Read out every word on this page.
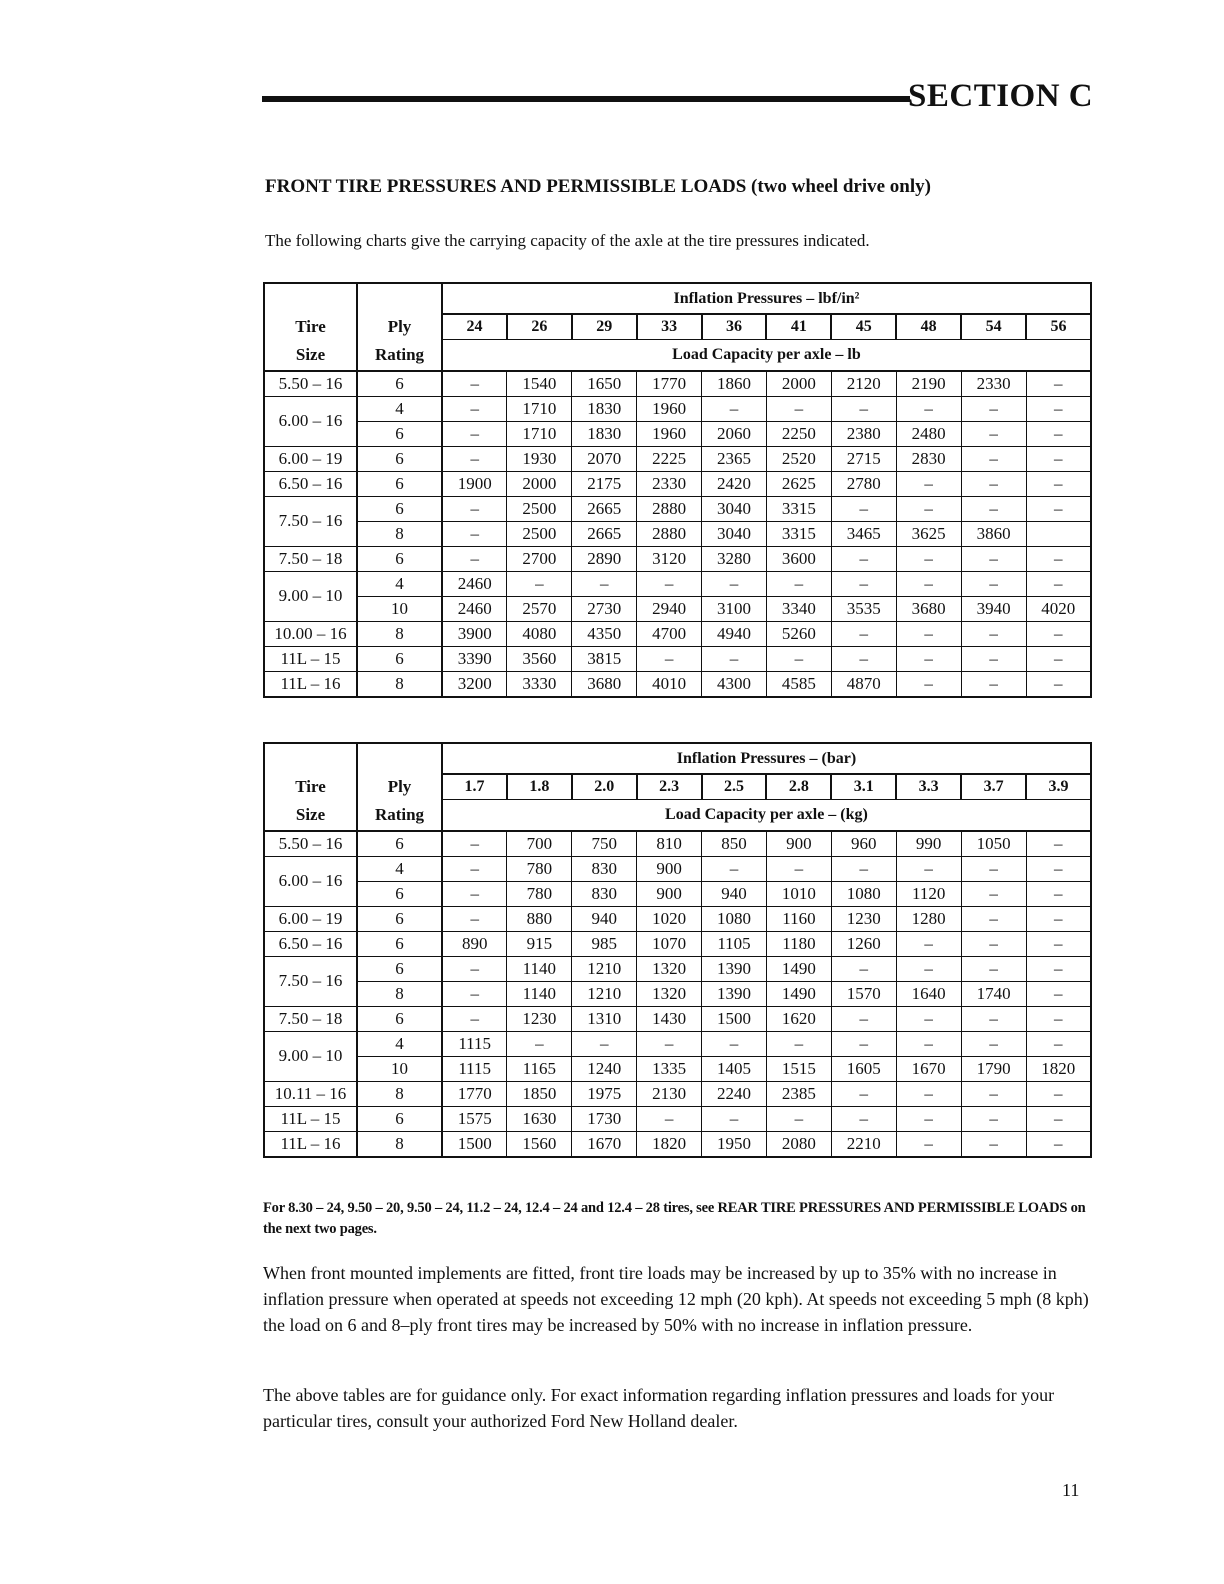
SECTION C
FRONT TIRE PRESSURES AND PERMISSIBLE LOADS (two wheel drive only)
The following charts give the carrying capacity of the axle at the tire pressures indicated.
		Inflation Pressures – lbf/in²									
Tire	Ply	24	26	29	33	36	41	45	48	54	56
Size	Rating	Load Capacity per axle – lb									
5.50 – 16	6	–	1540	1650	1770	1860	2000	2120	2190	2330	–
6.00 – 16	4	–	1710	1830	1960	–	–	–	–	–	–
	6	–	1710	1830	1960	2060	2250	2380	2480	–	–
6.00 – 19	6	–	1930	2070	2225	2365	2520	2715	2830	–	–
6.50 – 16	6	1900	2000	2175	2330	2420	2625	2780	–	–	–
7.50 – 16	6	–	2500	2665	2880	3040	3315	–	–	–	–
	8	–	2500	2665	2880	3040	3315	3465	3625	3860	
7.50 – 18	6	–	2700	2890	3120	3280	3600	–	–	–	–
9.00 – 10	4	2460	–	–	–	–	–	–	–	–	–
	10	2460	2570	2730	2940	3100	3340	3535	3680	3940	4020
10.00 – 16	8	3900	4080	4350	4700	4940	5260	–	–	–	–
11L – 15	6	3390	3560	3815	–	–	–	–	–	–	–
11L – 16	8	3200	3330	3680	4010	4300	4585	4870	–	–	–
		Inflation Pressures – (bar)									
Tire	Ply	1.7	1.8	2.0	2.3	2.5	2.8	3.1	3.3	3.7	3.9
Size	Rating	Load Capacity per axle – (kg)									
5.50 – 16	6	–	700	750	810	850	900	960	990	1050	–
6.00 – 16	4	–	780	830	900	–	–	–	–	–	–
	6	–	780	830	900	940	1010	1080	1120	–	–
6.00 – 19	6	–	880	940	1020	1080	1160	1230	1280	–	–
6.50 – 16	6	890	915	985	1070	1105	1180	1260	–	–	–
7.50 – 16	6	–	1140	1210	1320	1390	1490	–	–	–	–
	8	–	1140	1210	1320	1390	1490	1570	1640	1740	–
7.50 – 18	6	–	1230	1310	1430	1500	1620	–	–	–	–
9.00 – 10	4	1115	–	–	–	–	–	–	–	–	–
	10	1115	1165	1240	1335	1405	1515	1605	1670	1790	1820
10.11 – 16	8	1770	1850	1975	2130	2240	2385	–	–	–	–
11L – 15	6	1575	1630	1730	–	–	–	–	–	–	–
11L – 16	8	1500	1560	1670	1820	1950	2080	2210	–	–	–
For 8.30 – 24, 9.50 – 20, 9.50 – 24, 11.2 – 24, 12.4 – 24 and 12.4 – 28 tires, see REAR TIRE PRESSURES AND PERMISSIBLE LOADS on the next two pages.
When front mounted implements are fitted, front tire loads may be increased by up to 35% with no increase in inflation pressure when operated at speeds not exceeding 12 mph (20 kph). At speeds not exceeding 5 mph (8 kph) the load on 6 and 8–ply front tires may be increased by 50% with no increase in inflation pressure.
The above tables are for guidance only. For exact information regarding inflation pressures and loads for your particular tires, consult your authorized Ford New Holland dealer.
11
